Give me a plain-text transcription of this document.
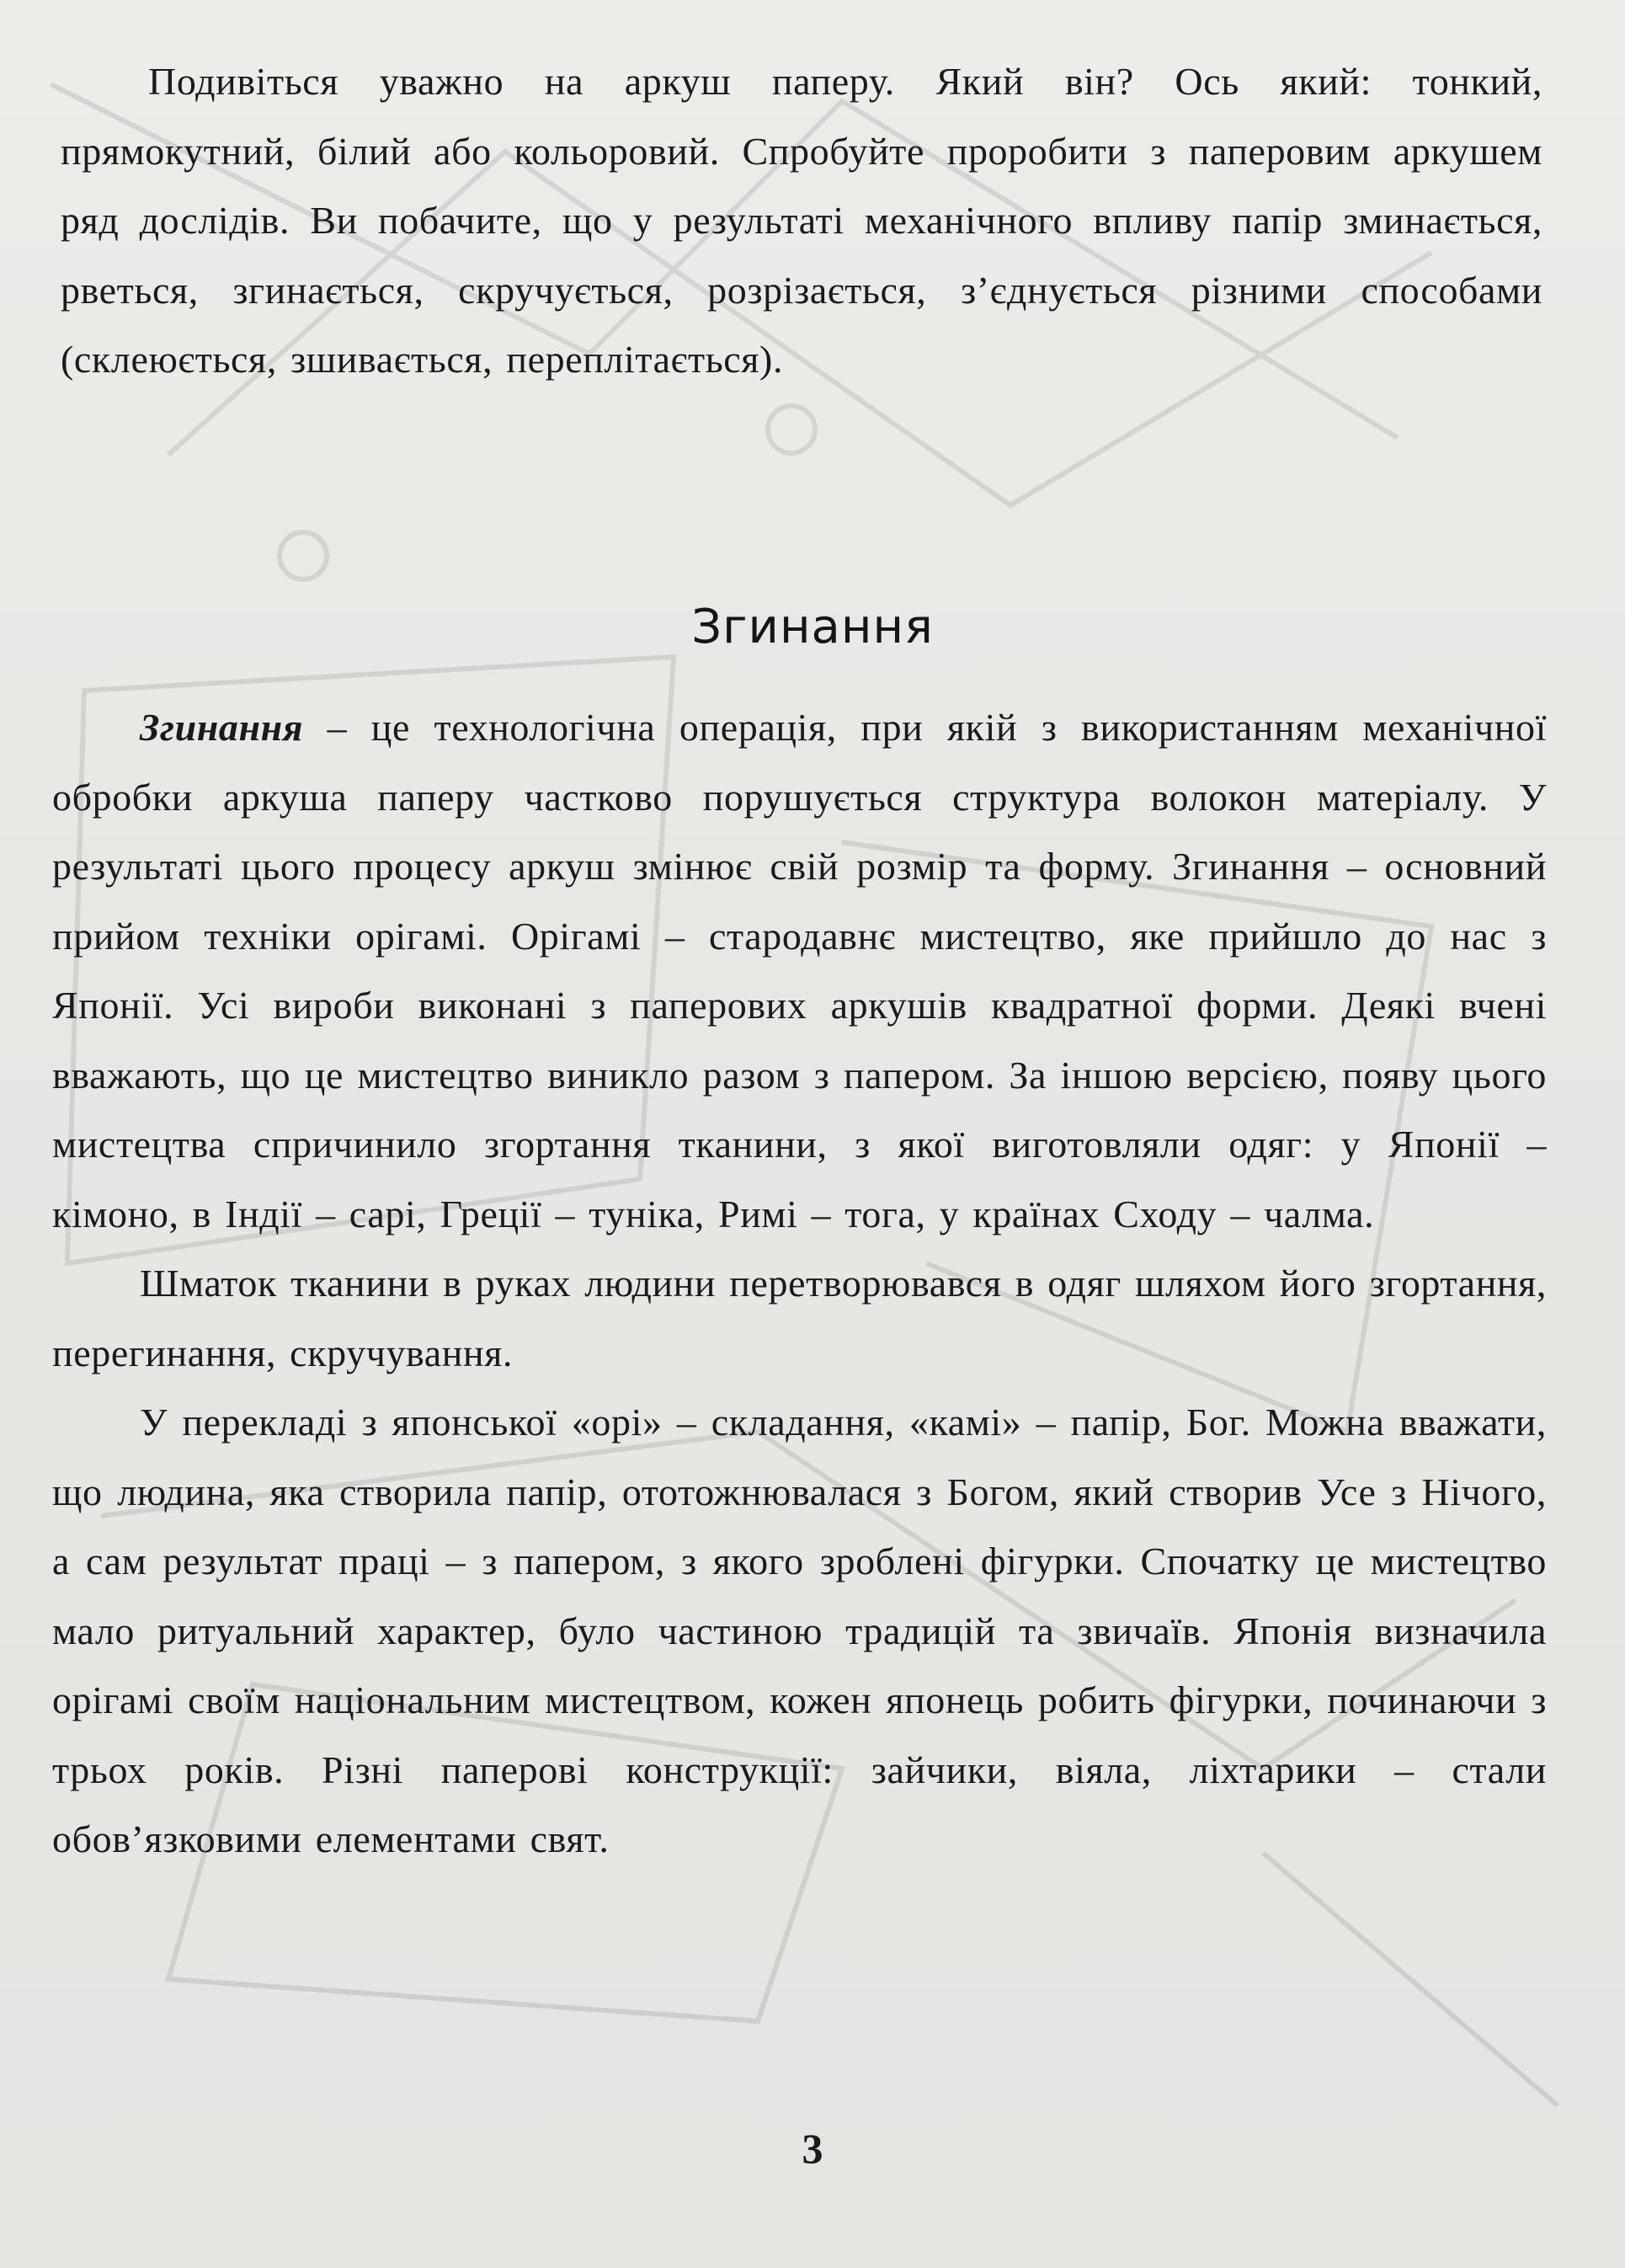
Подивіться уважно на аркуш паперу. Який він? Ось який: тонкий, прямокутний, білий або кольоровий. Спробуйте проробити з паперовим аркушем ряд дослідів. Ви побачите, що у результаті механічного впливу папір зминається, рветься, згинається, скручується, розрізається, з’єднується різними способами (склеюється, зшивається, переплітається).

Згинання

Згинання – це технологічна операція, при якій з використанням механічної обробки аркуша паперу частково порушується структура волокон матеріалу. У результаті цього процесу аркуш змінює свій розмір та форму. Згинання – основний прийом техніки орігамі. Орігамі – стародавнє мистецтво, яке прийшло до нас з Японії. Усі вироби виконані з паперових аркушів квадратної форми. Деякі вчені вважають, що це мистецтво виникло разом з папером. За іншою версією, появу цього мистецтва спричинило згортання тканини, з якої виготовляли одяг: у Японії – кімоно, в Індії – сарі, Греції – туніка, Римі – тога, у країнах Сходу – чалма.

Шматок тканини в руках людини перетворювався в одяг шляхом його згортання, перегинання, скручування.

У перекладі з японської «орі» – складання, «камі» – папір, Бог. Можна вважати, що людина, яка створила папір, ототожнювалася з Богом, який створив Усе з Нічого, а сам результат праці – з папером, з якого зроблені фігурки. Спочатку це мистецтво мало ритуальний характер, було частиною традицій та звичаїв. Японія визначила орігамі своїм національним мистецтвом, кожен японець робить фігурки, починаючи з трьох років. Різні паперові конструкції: зайчики, віяла, ліхтарики – стали обов’язковими елементами свят.

3
